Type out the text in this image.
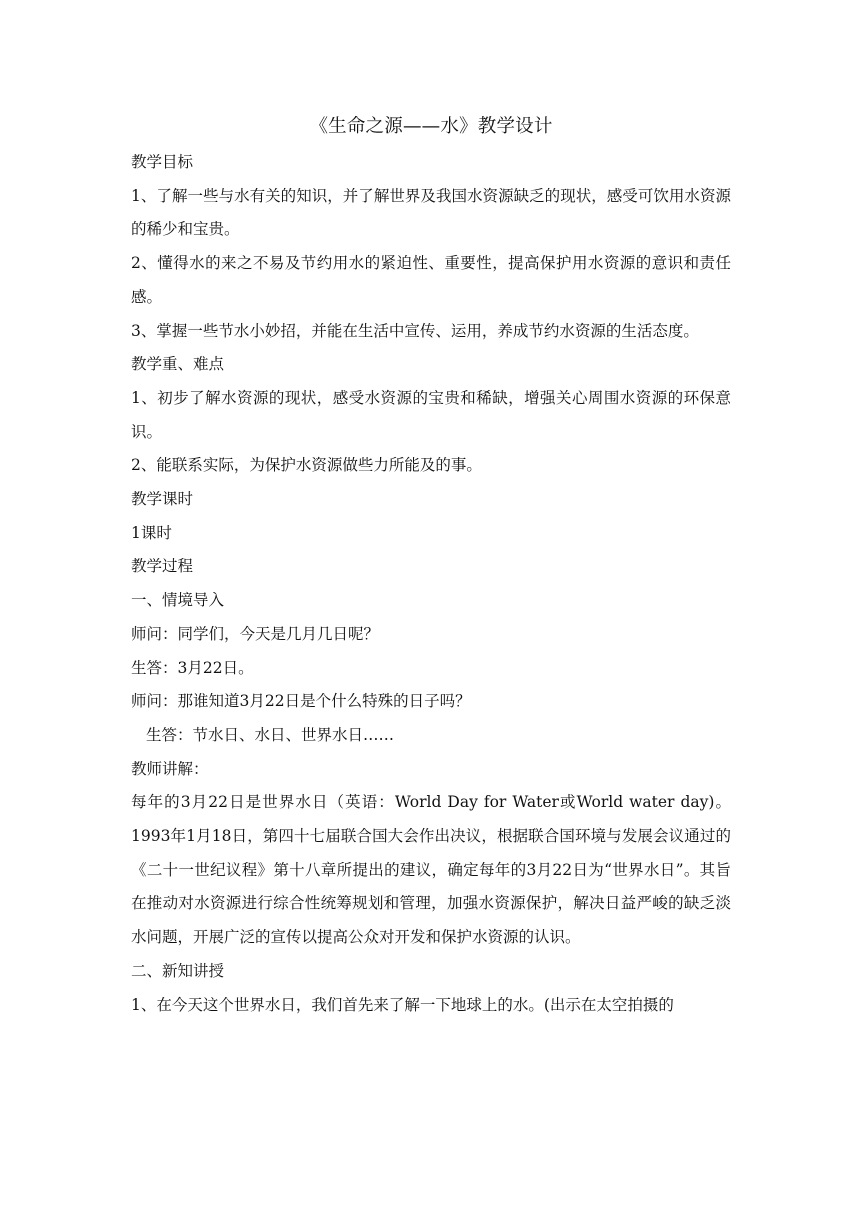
《生命之源——水》教学设计

教学目标

1、了解一些与水有关的知识，并了解世界及我国水资源缺乏的现状，感受可饮用水资源的稀少和宝贵。

2、懂得水的来之不易及节约用水的紧迫性、重要性，提高保护用水资源的意识和责任感。

3、掌握一些节水小妙招，并能在生活中宣传、运用，养成节约水资源的生活态度。

教学重、难点

1、初步了解水资源的现状，感受水资源的宝贵和稀缺，增强关心周围水资源的环保意识。

2、能联系实际，为保护水资源做些力所能及的事。

教学课时

1课时

教学过程

一、情境导入

师问：同学们，今天是几月几日呢？

生答：3月22日。

师问：那谁知道3月22日是个什么特殊的日子吗？

生答：节水日、水日、世界水日……

教师讲解：

每年的3月22日是世界水日（英语：World Day for Water或World water day)。1993年1月18日，第四十七届联合国大会作出决议，根据联合国环境与发展会议通过的《二十一世纪议程》第十八章所提出的建议，确定每年的3月22日为“世界水日”。其旨在推动对水资源进行综合性统筹规划和管理，加强水资源保护，解决日益严峻的缺乏淡水问题，开展广泛的宣传以提高公众对开发和保护水资源的认识。

二、新知讲授

1、在今天这个世界水日，我们首先来了解一下地球上的水。(出示在太空拍摄的
